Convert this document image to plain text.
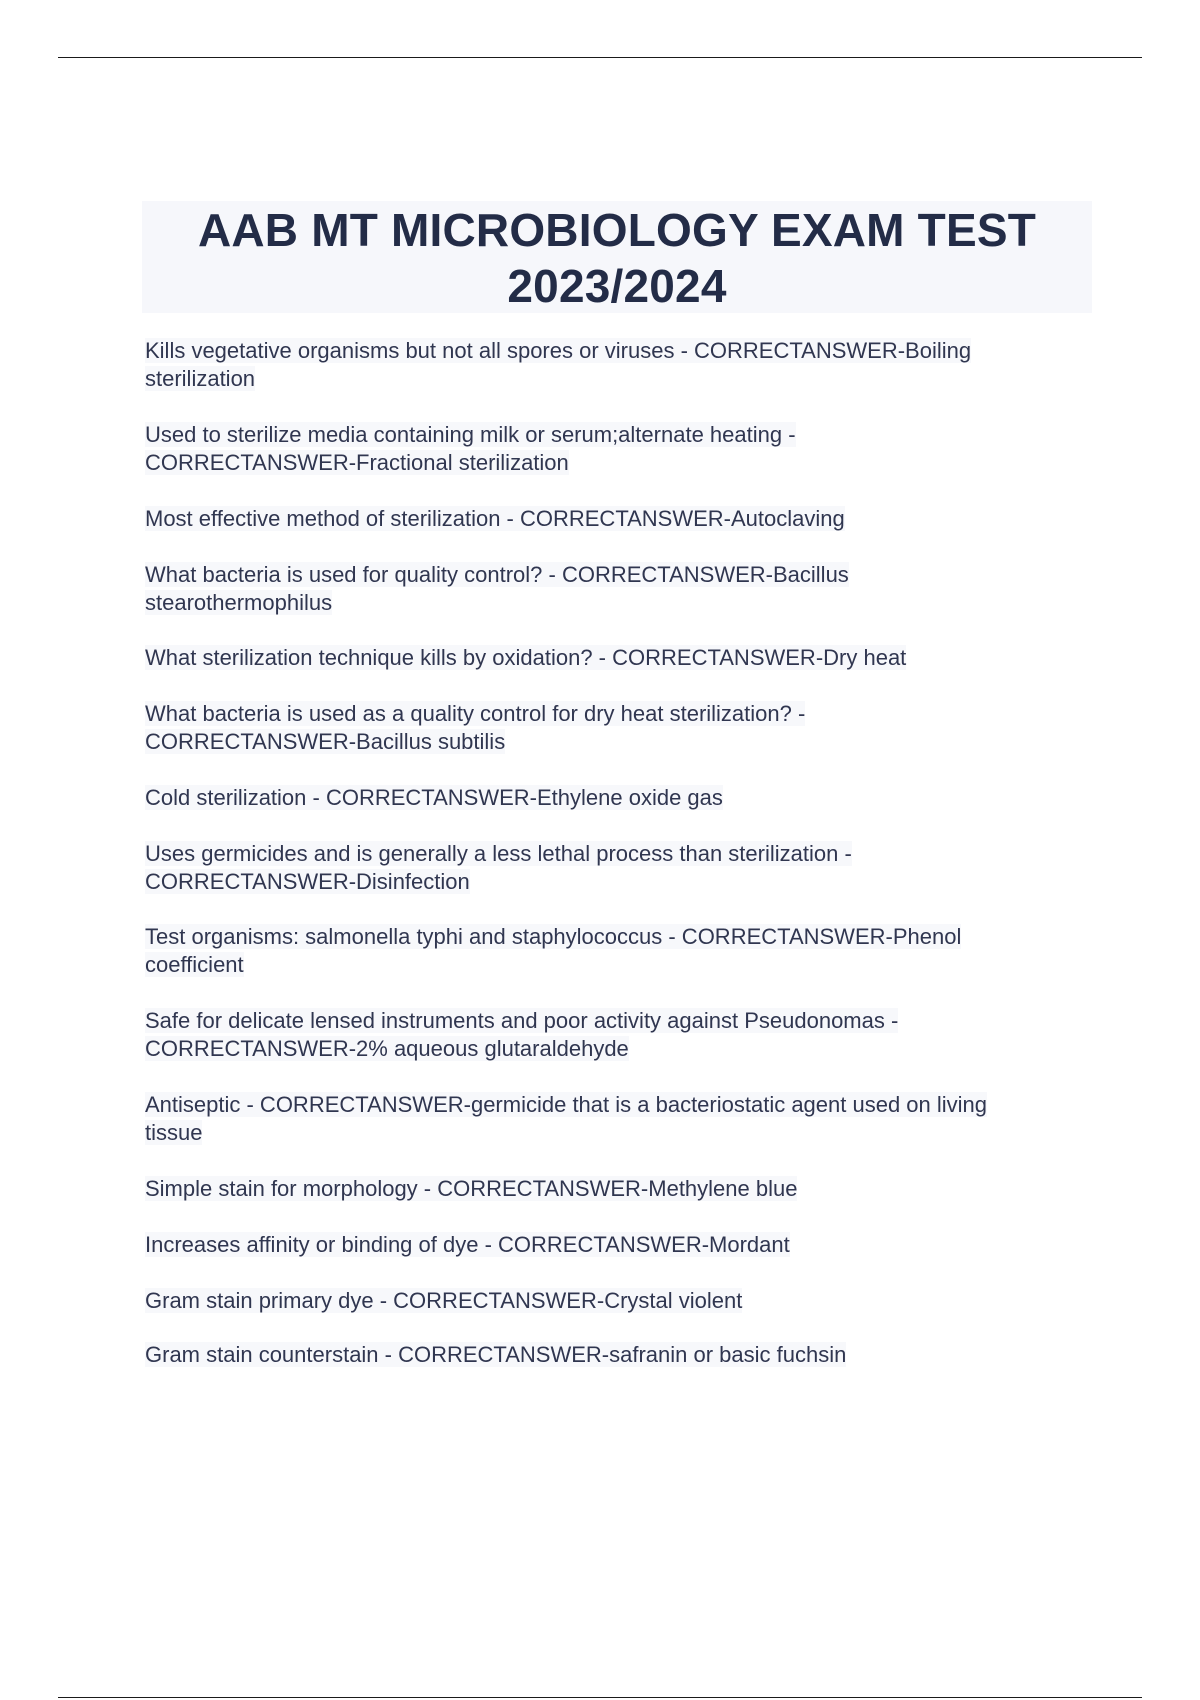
AAB MT MICROBIOLOGY EXAM TEST
2023/2024

Kills vegetative organisms but not all spores or viruses - CORRECTANSWER-Boiling
sterilization

Used to sterilize media containing milk or serum;alternate heating -
CORRECTANSWER-Fractional sterilization

Most effective method of sterilization - CORRECTANSWER-Autoclaving

What bacteria is used for quality control? - CORRECTANSWER-Bacillus
stearothermophilus

What sterilization technique kills by oxidation? - CORRECTANSWER-Dry heat

What bacteria is used as a quality control for dry heat sterilization? -
CORRECTANSWER-Bacillus subtilis

Cold sterilization - CORRECTANSWER-Ethylene oxide gas

Uses germicides and is generally a less lethal process than sterilization -
CORRECTANSWER-Disinfection

Test organisms: salmonella typhi and staphylococcus - CORRECTANSWER-Phenol
coefficient

Safe for delicate lensed instruments and poor activity against Pseudonomas -
CORRECTANSWER-2% aqueous glutaraldehyde

Antiseptic - CORRECTANSWER-germicide that is a bacteriostatic agent used on living
tissue

Simple stain for morphology - CORRECTANSWER-Methylene blue

Increases affinity or binding of dye - CORRECTANSWER-Mordant

Gram stain primary dye - CORRECTANSWER-Crystal violent

Gram stain counterstain - CORRECTANSWER-safranin or basic fuchsin
